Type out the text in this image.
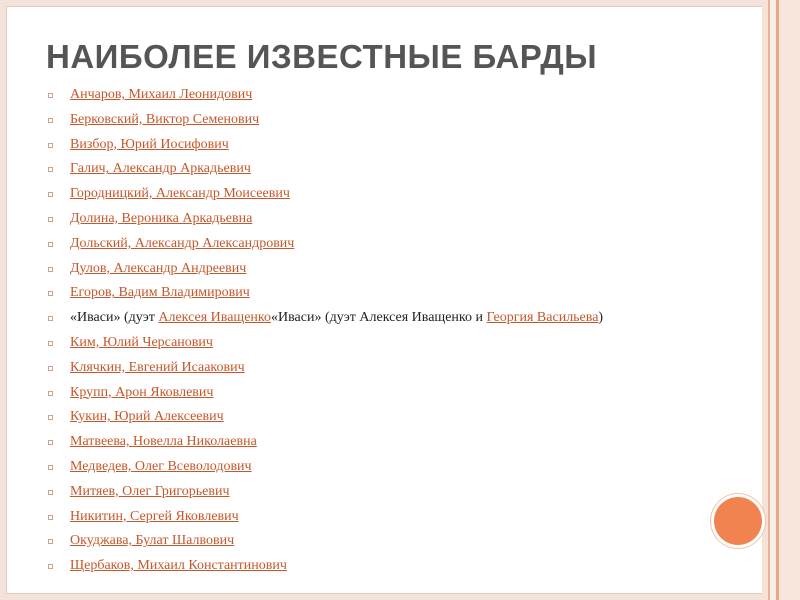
НАИБОЛЕЕ ИЗВЕСТНЫЕ БАРДЫ
Анчаров, Михаил Леонидович
Берковский, Виктор Семенович
Визбор, Юрий Иосифович
Галич, Александр Аркадьевич
Городницкий, Александр Моисеевич
Долина, Вероника Аркадьевна
Дольский, Александр Александрович
Дулов, Александр Андреевич
Егоров, Вадим Владимирович
«Иваси» (дуэт Алексея Иващенко«Иваси» (дуэт Алексея Иващенко и Георгия Васильева)
Ким, Юлий Черсанович
Клячкин, Евгений Исаакович
Крупп, Арон Яковлевич
Кукин, Юрий Алексеевич
Матвеева, Новелла Николаевна
Медведев, Олег Всеволодович
Митяев, Олег Григорьевич
Никитин, Сергей Яковлевич
Окуджава, Булат Шалвович
Щербаков, Михаил Константинович
